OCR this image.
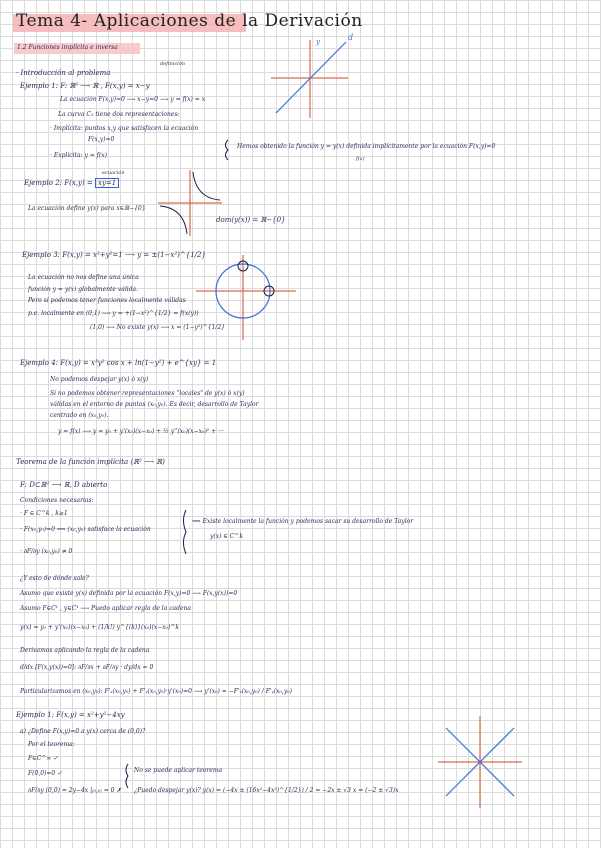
Tema 4- Aplicaciones de la Derivación
1.2 Funciones implícita e inversa
· Introducción al problema
definición
Ejemplo 1: F: ℝ² ⟶ ℝ , F(x,y) = x−y
La ecuación F(x,y)=0 ⟶ x−y=0 ⟶ y = f(x) = x
La curva C₁ tiene dos representaciones:
· Implícita: puntos x,y que satisfacen la ecuación
F(x,y)=0
· Explícita: y = f(x)
Hemos obtenido la función y = y(x) definida implícitamente por la ecuación F(x,y)=0
f(x)
Ejemplo 2: F(x,y) = xy=1
ecuación
La ecuación define y(x) para x∈ℝ−{0}
dom(y(x)) = ℝ−{0}
Ejemplo 3: F(x,y) = x²+y²=1 ⟶ y = ±(1−x²)^{1/2}
La ecuación no nos define una única
función y = y(x) globalmente válida.
Pero sí podemos tener funciones localmente válidas
p.e. localmente en (0,1) ⟶ y = +(1−x²)^{1/2} = f(x(y))
(1,0) ⟶ No existe y(x) ⟶ x = (1−y²)^{1/2}
Ejemplo 4: F(x,y) = x³y² cos x + ln(1−y²) + e^{xy} = 1
No podemos despejar y(x) ó x(y)
Si no podemos obtener representaciones "locales" de y(x) ó x(y)
válidas en el entorno de puntos (x₀,y₀). Es decir, desarrollo de Taylor
centrado en (x₀,y₀).
y = f(x) ⟶ y = y₀ + y'(x₀)(x−x₀) + ½ y''(x₀)(x−x₀)² + ···
Teorema de la función implícita (ℝ² ⟶ ℝ)
F: D⊂ℝ² ⟶ ℝ, D abierto
Condiciones necesarias:
· F ∈ C^k , k≥1
· F(x₀,y₀)=0 ⟺ (x₀,y₀) satisface la ecuación
· ∂F/∂y (x₀,y₀) ≠ 0
⟹ Existe localmente la función y podemos sacar su desarrollo de Taylor
y(x) ∈ C^k
¿Y esto de dónde sale?
Asumo que existe y(x) definida por la ecuación F(x,y)=0 ⟶ F(x,y(x))=0
Asumo F∈C¹ , y∈C¹ ⟶ Puedo aplicar regla de la cadena
y(x) = y₀ + y'(x₀)(x−x₀) + (1/k!) y^{(k)}(x₀)(x−x₀)^k
Derivamos aplicando la regla de la cadena
d/dx [F(x,y(x))=0]: ∂F/∂x + ∂F/∂y · dy/dx = 0
Particularizamos en (x₀,y₀): F'ₓ(x₀,y₀) + F'ᵧ(x₀,y₀)·y'(x₀)=0 ⟶ y'(x₀) = −F'ₓ(x₀,y₀) / F'ᵧ(x₀,y₀)
Ejemplo 1: F(x,y) = x²+y²−4xy
a) ¿Define F(x,y)=0 a y(x) cerca de (0,0)?
Por el teorema:
F∈C^∞ ✓
F(0,0)=0 ✓
∂F/∂y (0,0) = 2y−4x |₍₀,₀₎ = 0 ✗
No se puede aplicar teorema
¿Puedo despejar y(x)? y(x) = (−4x ± (16x²−4x²)^{1/2}) / 2 = −2x ± √3 x = (−2 ± √3)x
y	d
